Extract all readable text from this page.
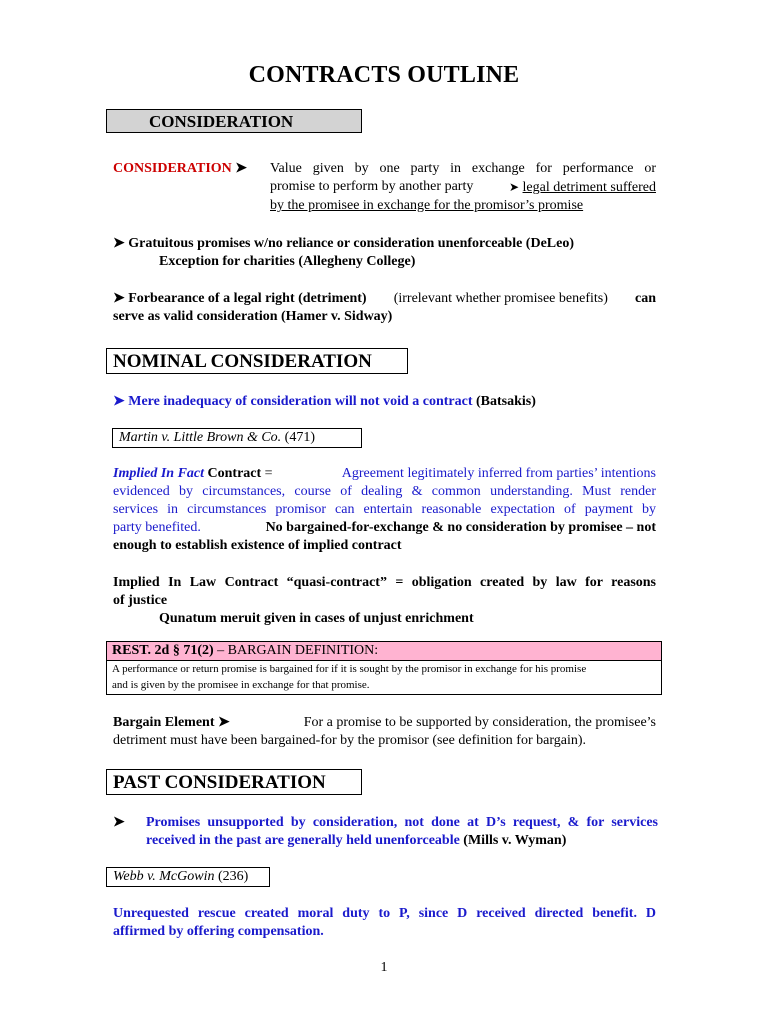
CONTRACTS OUTLINE
CONSIDERATION
CONSIDERATION ➤ Value given by one party in exchange for performance or
promise to perform by another party	➤ legal detriment suffered
by the promisee in exchange for the promisor’s promise
➤ Gratuitous promises w/no reliance or consideration unenforceable (DeLeo)
Exception for charities (Allegheny College)
➤ Forbearance of a legal right (detriment) (irrelevant whether promisee benefits) can
serve as valid consideration (Hamer v. Sidway)
NOMINAL CONSIDERATION
➤ Mere inadequacy of consideration will not void a contract (Batsakis)
Martin v. Little Brown & Co. (471)
Implied In Fact Contract =	Agreement legitimately inferred from parties’ intentions
evidenced by circumstances, course of dealing & common understanding. Must render
services in circumstances promisor can entertain reasonable expectation of payment by
party benefited.	No bargained-for-exchange & no consideration by promisee – not
enough to establish existence of implied contract
Implied In Law Contract “quasi-contract” = obligation created by law for reasons
of justice
Qunatum meruit given in cases of unjust enrichment
REST. 2d § 71(2) – BARGAIN DEFINITION:
A performance or return promise is bargained for if it is sought by the promisor in exchange for his promise
and is given by the promisee in exchange for that promise.
Bargain Element ➤	For a promise to be supported by consideration, the promisee’s
detriment must have been bargained-for by the promisor (see definition for bargain).
PAST CONSIDERATION
➤ Promises unsupported by consideration, not done at D’s request, & for services
received in the past are generally held unenforceable (Mills v. Wyman)
Webb v. McGowin (236)
Unrequested rescue created moral duty to P, since D received directed benefit. D
affirmed by offering compensation.
1
